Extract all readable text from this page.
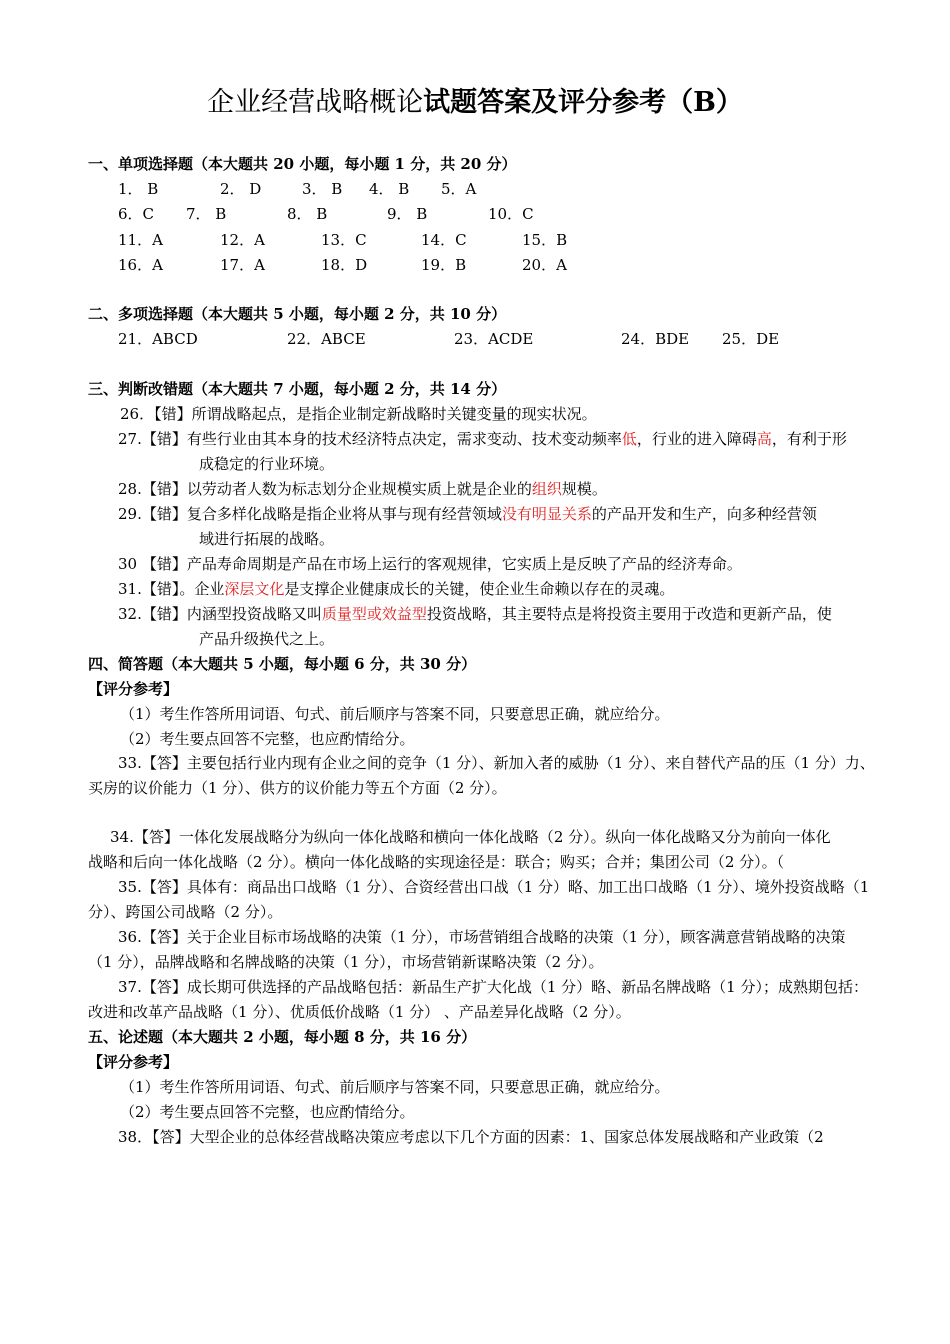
企业经营战略概论试题答案及评分参考（B）
一、单项选择题（本大题共 20 小题，每小题 1 分，共 20 分）
1． B	2． D	3． B 4． B 5．A
6．C 7． B	8． B	9． B	10．C
11．A	12．A	13．C	14．C	15．B
16．A	17．A	18．D	19．B	20．A
二、多项选择题（本大题共 5 小题，每小题 2 分，共 10 分）
21．ABCD	22．ABCE	23．ACDE	24．BDE 25．DE
三、判断改错题（本大题共 7 小题，每小题 2 分，共 14 分）
26．【错】所谓战略起点，是指企业制定新战略时关键变量的现实状况。
27.【错】有些行业由其本身的技术经济特点决定，需求变动、技术变动频率低，行业的进入障碍高，有利于形
成稳定的行业环境。
28.【错】以劳动者人数为标志划分企业规模实质上就是企业的组织规模。
29.【错】复合多样化战略是指企业将从事与现有经营领域没有明显关系的产品开发和生产，向多种经营领
域进行拓展的战略。
30 【错】产品寿命周期是产品在市场上运行的客观规律，它实质上是反映了产品的经济寿命。
31.【错】。企业深层文化是支撑企业健康成长的关键，使企业生命赖以存在的灵魂。
32.【错】内涵型投资战略又叫质量型或效益型投资战略，其主要特点是将投资主要用于改造和更新产品，使
产品升级换代之上。
四、简答题（本大题共 5 小题，每小题 6 分，共 30 分）
【评分参考】
（1）考生作答所用词语、句式、前后顺序与答案不同，只要意思正确，就应给分。
（2）考生要点回答不完整，也应酌情给分。
33.【答】主要包括行业内现有企业之间的竞争（1 分）、新加入者的威胁（1 分）、来自替代产品的压（1 分）力、
买房的议价能力（1 分）、供方的议价能力等五个方面（2 分）。
34.【答】一体化发展战略分为纵向一体化战略和横向一体化战略（2 分）。纵向一体化战略又分为前向一体化
战略和后向一体化战略（2 分）。横向一体化战略的实现途径是：联合；购买；合并；集团公司（2 分）。（
35.【答】具体有：商品出口战略（1 分）、合资经营出口战（1 分）略、加工出口战略（1 分）、境外投资战略（1
分）、跨国公司战略（2 分）。
36.【答】关于企业目标市场战略的决策（1 分），市场营销组合战略的决策（1 分），顾客满意营销战略的决策
（1 分），品牌战略和名牌战略的决策（1 分），市场营销新谋略决策（2 分）。
37.【答】成长期可供选择的产品战略包括：新品生产扩大化战（1 分）略、新品名牌战略（1 分）；成熟期包括：
改进和改革产品战略（1 分）、优质低价战略（1 分） 、产品差异化战略（2 分）。
五、论述题（本大题共 2 小题，每小题 8 分，共 16 分）
【评分参考】
（1）考生作答所用词语、句式、前后顺序与答案不同，只要意思正确，就应给分。
（2）考生要点回答不完整，也应酌情给分。
38．【答】大型企业的总体经营战略决策应考虑以下几个方面的因素：1、国家总体发展战略和产业政策（2
